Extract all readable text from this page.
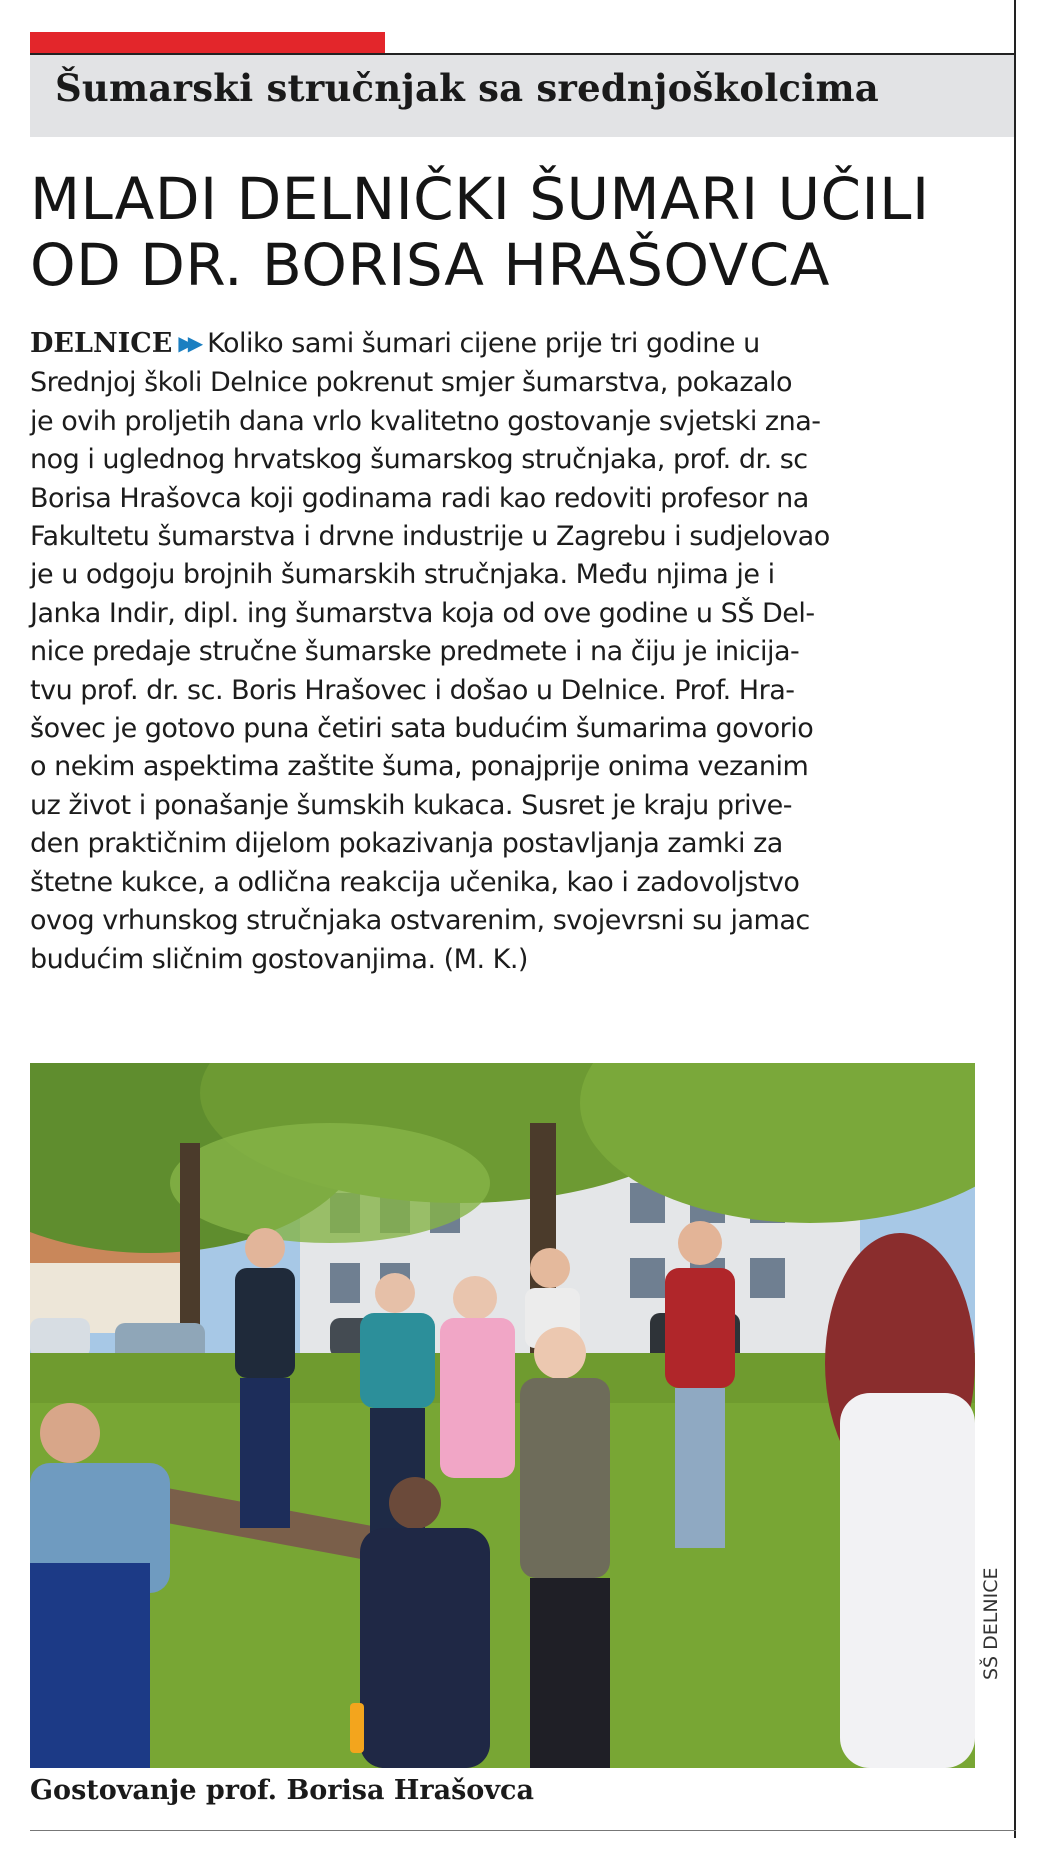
Šumarski stručnjak sa srednjoškolcima
MLADI DELNIČKI ŠUMARI UČILI
OD DR. BORISA HRAŠOVCA
DELNICE ▶▶ Koliko sami šumari cijene prije tri godine u
Srednjoj školi Delnice pokrenut smjer šumarstva, pokazalo
je ovih proljetih dana vrlo kvalitetno gostovanje svjetski zna-
nog i uglednog hrvatskog šumarskog stručnjaka, prof. dr. sc
Borisa Hrašovca koji godinama radi kao redoviti profesor na
Fakultetu šumarstva i drvne industrije u Zagrebu i sudjelovao
je u odgoju brojnih šumarskih stručnjaka. Među njima je i
Janka Indir, dipl. ing šumarstva koja od ove godine u SŠ Del-
nice predaje stručne šumarske predmete i na čiju je inicija-
tvu prof. dr. sc. Boris Hrašovec i došao u Delnice. Prof. Hra-
šovec je gotovo puna četiri sata budućim šumarima govorio
o nekim aspektima zaštite šuma, ponajprije onima vezanim
uz život i ponašanje šumskih kukaca. Susret je kraju prive-
den praktičnim dijelom pokazivanja postavljanja zamki za
štetne kukce, a odlična reakcija učenika, kao i zadovoljstvo
ovog vrhunskog stručnjaka ostvarenim, svojevrsni su jamac
budućim sličnim gostovanjima. (M. K.)
SŠ DELNICE
Gostovanje prof. Borisa Hrašovca
